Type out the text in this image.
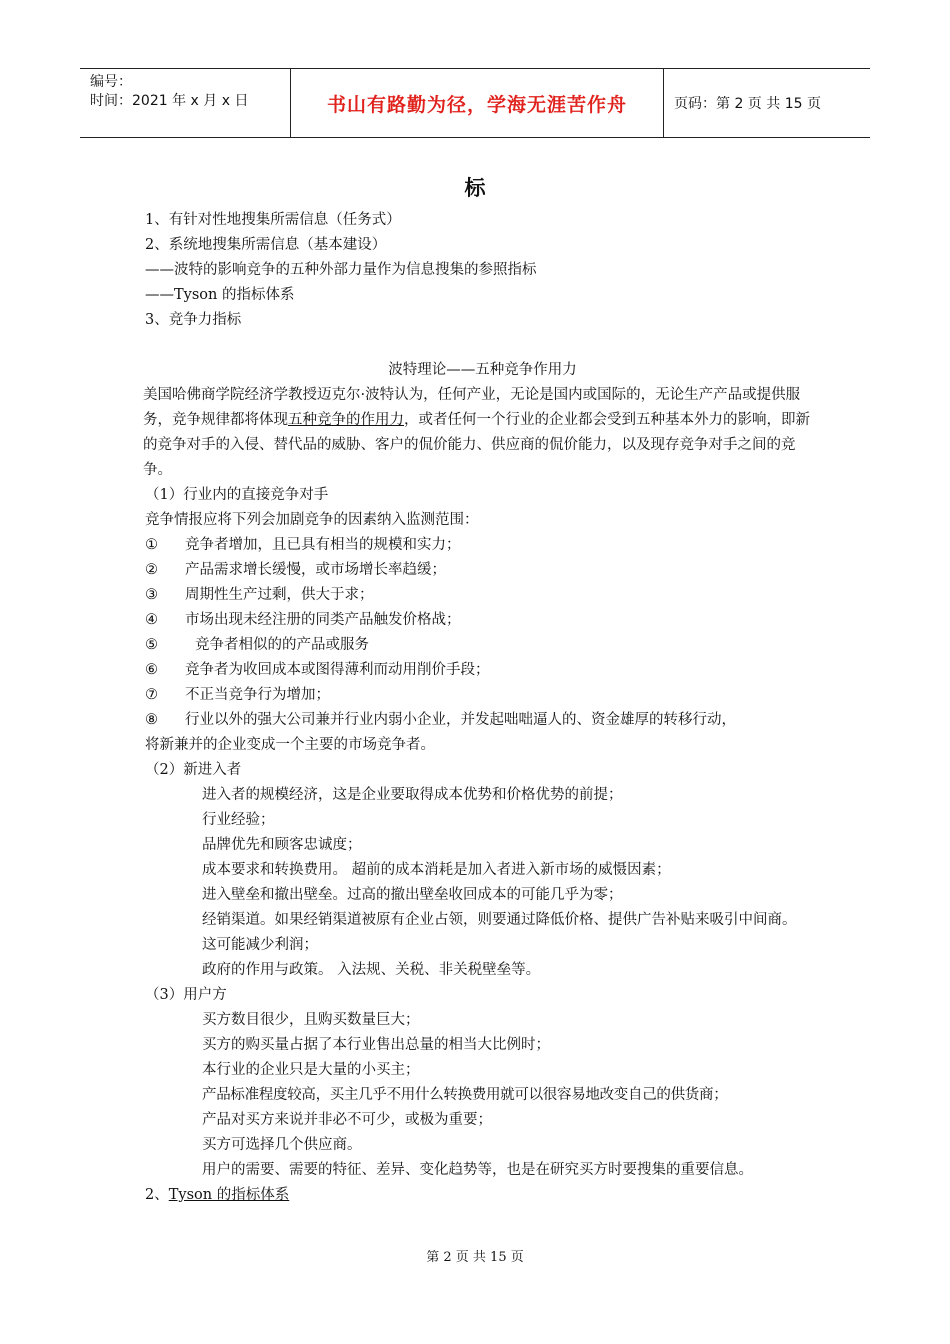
编号：
时间：2021 年 x 月 x 日	书山有路勤为径，学海无涯苦作舟	页码：第 2 页 共 15 页
标
1、有针对性地搜集所需信息（任务式）
2、系统地搜集所需信息（基本建设）
——波特的影响竞争的五种外部力量作为信息搜集的参照指标
——Tyson 的指标体系
3、竞争力指标
波特理论——五种竞争作用力
美国哈佛商学院经济学教授迈克尔·波特认为，任何产业，无论是国内或国际的，无论生产产品或提供服务，竞争规律都将体现五种竞争的作用力，或者任何一个行业的企业都会受到五种基本外力的影响，即新的竞争对手的入侵、替代品的威胁、客户的侃价能力、供应商的侃价能力，以及现存竞争对手之间的竞争。
（1）行业内的直接竞争对手
竞争情报应将下列会加剧竞争的因素纳入监测范围：
① 竞争者增加，且已具有相当的规模和实力；
② 产品需求增长缓慢，或市场增长率趋缓；
③ 周期性生产过剩，供大于求；
④ 市场出现未经注册的同类产品触发价格战；
⑤	竞争者相似的的产品或服务
⑥ 竞争者为收回成本或图得薄利而动用削价手段；
⑦ 不正当竞争行为增加；
⑧ 行业以外的强大公司兼并行业内弱小企业，并发起咄咄逼人的、资金雄厚的转移行动，
将新兼并的企业变成一个主要的市场竞争者。
（2）新进入者
进入者的规模经济，这是企业要取得成本优势和价格优势的前提；
行业经验；
品牌优先和顾客忠诚度；
成本要求和转换费用。 超前的成本消耗是加入者进入新市场的威慑因素；
进入壁垒和撤出壁垒。过高的撤出壁垒收回成本的可能几乎为零；
经销渠道。如果经销渠道被原有企业占领，则要通过降低价格、提供广告补贴来吸引中间商。这可能减少利润；
政府的作用与政策。 入法规、关税、非关税壁垒等。
（3）用户方
买方数目很少，且购买数量巨大；
买方的购买量占据了本行业售出总量的相当大比例时；
本行业的企业只是大量的小买主；
产品标准程度较高，买主几乎不用什么转换费用就可以很容易地改变自己的供货商；
产品对买方来说并非必不可少，或极为重要；
买方可选择几个供应商。
用户的需要、需要的特征、差异、变化趋势等，也是在研究买方时要搜集的重要信息。
2、Tyson 的指标体系
第 2 页 共 15 页
